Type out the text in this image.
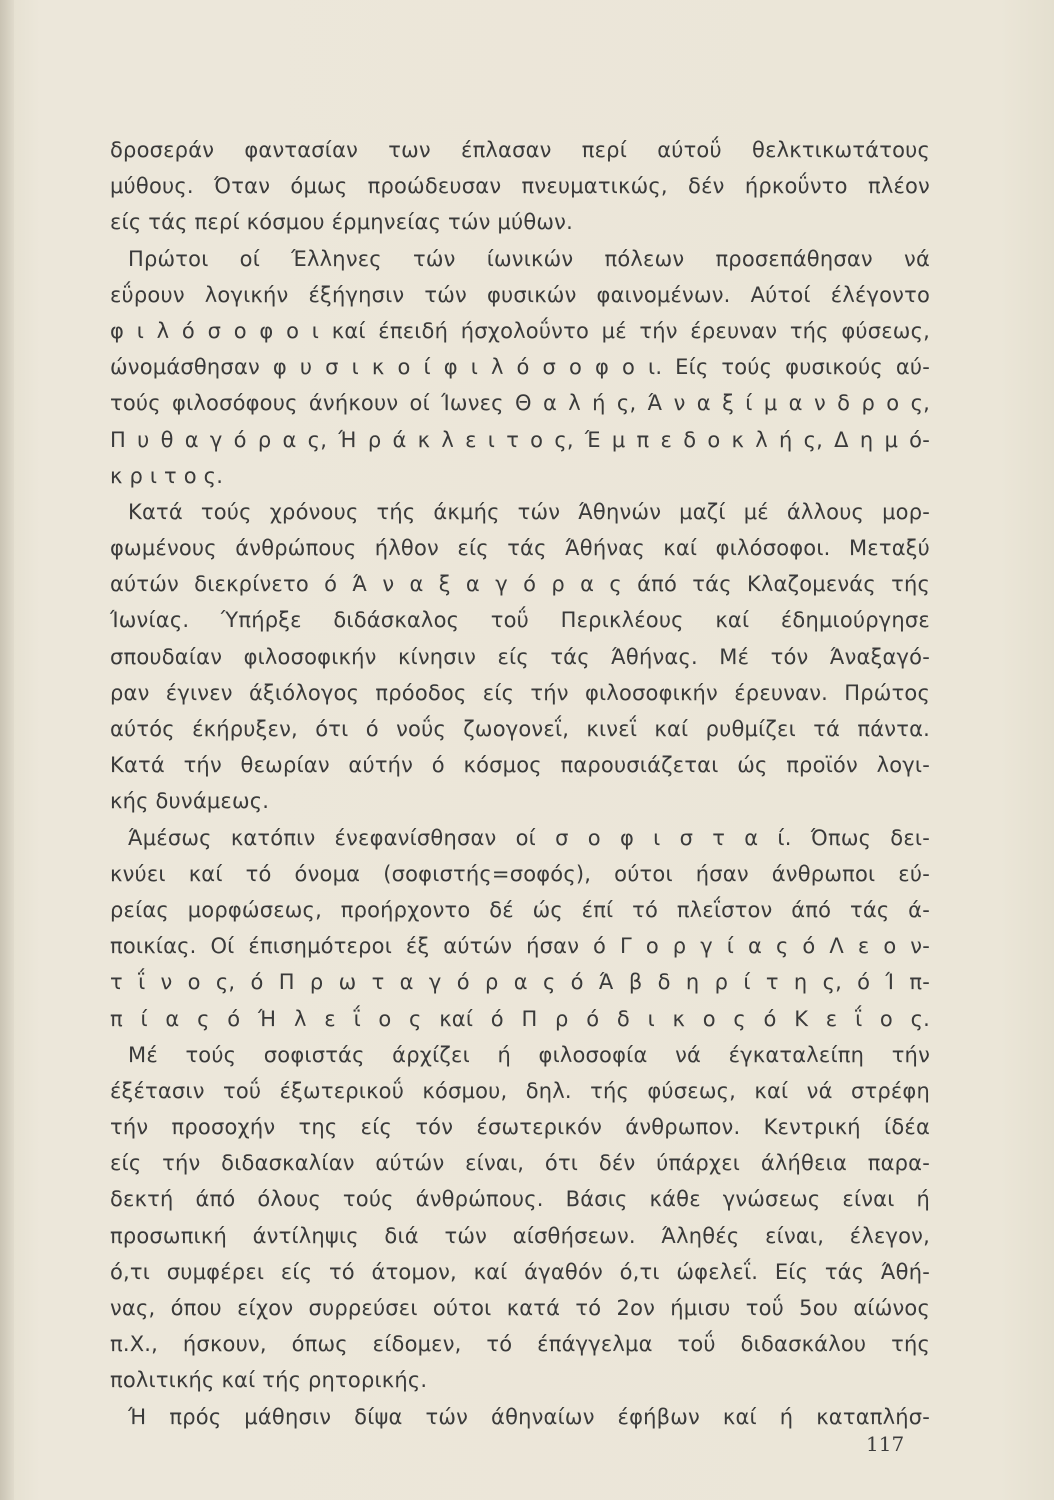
δροσεράν φαντασίαν των έπλασαν περί αύτοΰ θελκτικωτάτους
μύθους. Όταν όμως προώδευσαν πνευματικώς, δέν ήρκοΰντο πλέον
είς τάς περί κόσμου έρμηνείας τών μύθων.
Πρώτοι οί Έλληνες τών ίωνικών πόλεων προσεπάθησαν νά
εΰρουν λογικήν έξήγησιν τών φυσικών φαινομένων. Αύτοί έλέγοντο
φ ι λ ό σ ο φ ο ι καί έπειδή ήσχολοΰντο μέ τήν έρευναν τής φύσεως,
ώνομάσθησαν φ υ σ ι κ ο ί φ ι λ ό σ ο φ ο ι. Είς τούς φυσικούς αύ-
τούς φιλοσόφους άνήκουν οί Ίωνες Θ α λ ή ς, Ά ν α ξ ί μ α ν δ ρ ο ς,
Π υ θ α γ ό ρ α ς, Ή ρ ά κ λ ε ι τ ο ς, Έ μ π ε δ ο κ λ ή ς, Δ η μ ό-
κ ρ ι τ ο ς.
Κατά τούς χρόνους τής άκμής τών Άθηνών μαζί μέ άλλους μορ-
φωμένους άνθρώπους ήλθον είς τάς Άθήνας καί φιλόσοφοι. Μεταξύ
αύτών διεκρίνετο ό Ά ν α ξ α γ ό ρ α ς άπό τάς Κλαζομενάς τής
Ίωνίας. Ύπήρξε διδάσκαλος τοΰ Περικλέους καί έδημιούργησε
σπουδαίαν φιλοσοφικήν κίνησιν είς τάς Άθήνας. Μέ τόν Άναξαγό-
ραν έγινεν άξιόλογος πρόοδος είς τήν φιλοσοφικήν έρευναν. Πρώτος
αύτός έκήρυξεν, ότι ό νοΰς ζωογονεΐ, κινεΐ καί ρυθμίζει τά πάντα.
Κατά τήν θεωρίαν αύτήν ό κόσμος παρουσιάζεται ώς προϊόν λογι-
κής δυνάμεως.
Άμέσως κατόπιν ένεφανίσθησαν οί σ ο φ ι σ τ α ί. Όπως δει-
κνύει καί τό όνομα (σοφιστής=σοφός), ούτοι ήσαν άνθρωποι εύ-
ρείας μορφώσεως, προήρχοντο δέ ώς έπί τό πλεΐστον άπό τάς ά-
ποικίας. Οί έπισημότεροι έξ αύτών ήσαν ό Γ ο ρ γ ί α ς ό Λ ε ο ν-
τ ΐ ν ο ς, ό Π ρ ω τ α γ ό ρ α ς ό Ά β δ η ρ ί τ η ς, ό Ί π-
π ί α ς ό Ή λ ε ΐ ο ς καί ό Π ρ ό δ ι κ ο ς ό Κ ε ΐ ο ς.
Μέ τούς σοφιστάς άρχίζει ή φιλοσοφία νά έγκαταλείπη τήν
έξέτασιν τοΰ έξωτερικοΰ κόσμου, δηλ. τής φύσεως, καί νά στρέφη
τήν προσοχήν της είς τόν έσωτερικόν άνθρωπον. Κεντρική ίδέα
είς τήν διδασκαλίαν αύτών είναι, ότι δέν ύπάρχει άλήθεια παρα-
δεκτή άπό όλους τούς άνθρώπους. Βάσις κάθε γνώσεως είναι ή
προσωπική άντίληψις διά τών αίσθήσεων. Άληθές είναι, έλεγον,
ό,τι συμφέρει είς τό άτομον, καί άγαθόν ό,τι ώφελεΐ. Είς τάς Άθή-
νας, όπου είχον συρρεύσει ούτοι κατά τό 2ον ήμισυ τοΰ 5ου αίώνος
π.Χ., ήσκουν, όπως είδομεν, τό έπάγγελμα τοΰ διδασκάλου τής
πολιτικής καί τής ρητορικής.
Ή πρός μάθησιν δίψα τών άθηναίων έφήβων καί ή καταπλήσ-
117
